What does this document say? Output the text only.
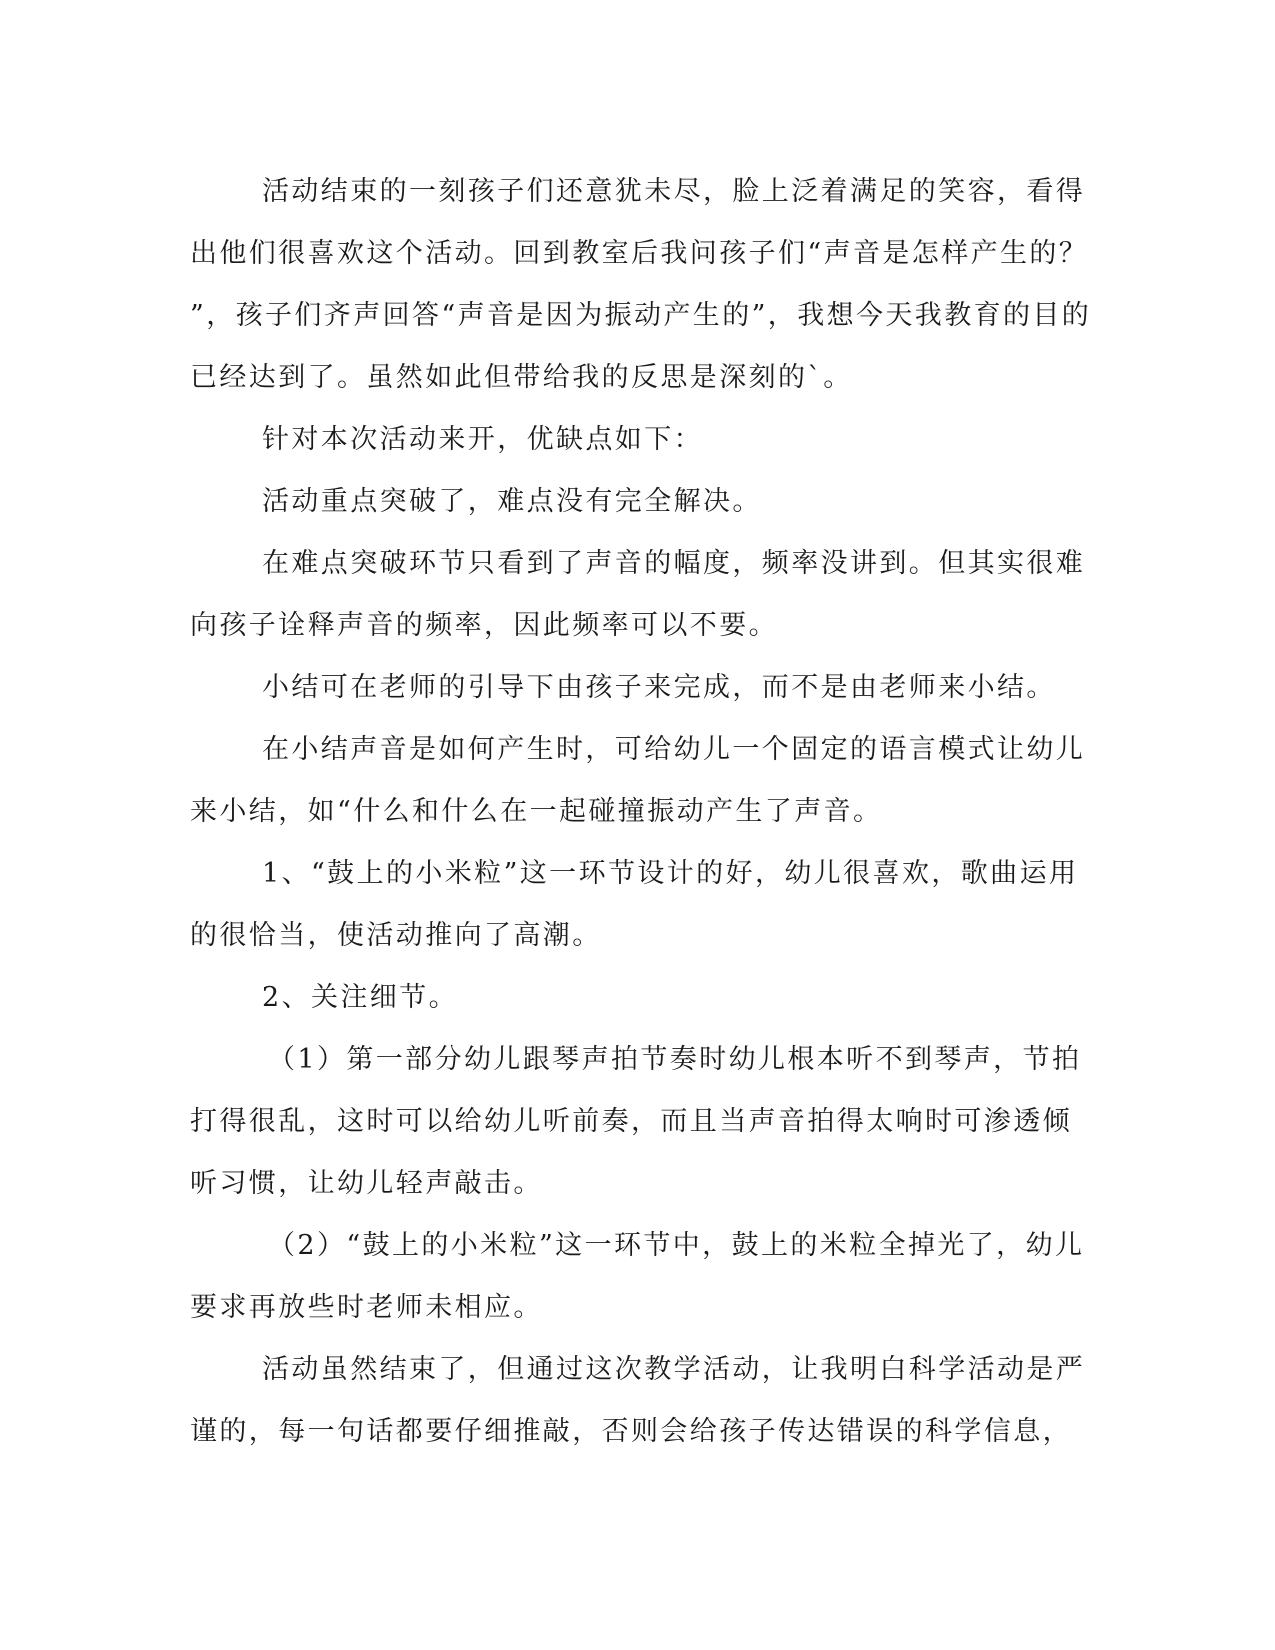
活动结束的一刻孩子们还意犹未尽，脸上泛着满足的笑容，看得
出他们很喜欢这个活动。回到教室后我问孩子们“声音是怎样产生的？
”，孩子们齐声回答“声音是因为振动产生的”，我想今天我教育的目的
已经达到了。虽然如此但带给我的反思是深刻的`。
针对本次活动来开，优缺点如下：
活动重点突破了，难点没有完全解决。
在难点突破环节只看到了声音的幅度，频率没讲到。但其实很难
向孩子诠释声音的频率，因此频率可以不要。
小结可在老师的引导下由孩子来完成，而不是由老师来小结。
在小结声音是如何产生时，可给幼儿一个固定的语言模式让幼儿
来小结，如“什么和什么在一起碰撞振动产生了声音。
1、“鼓上的小米粒”这一环节设计的好，幼儿很喜欢，歌曲运用
的很恰当，使活动推向了高潮。
2、关注细节。
（1）第一部分幼儿跟琴声拍节奏时幼儿根本听不到琴声，节拍
打得很乱，这时可以给幼儿听前奏，而且当声音拍得太响时可渗透倾
听习惯，让幼儿轻声敲击。
（2）“鼓上的小米粒”这一环节中，鼓上的米粒全掉光了，幼儿
要求再放些时老师未相应。
活动虽然结束了，但通过这次教学活动，让我明白科学活动是严
谨的，每一句话都要仔细推敲，否则会给孩子传达错误的科学信息，
